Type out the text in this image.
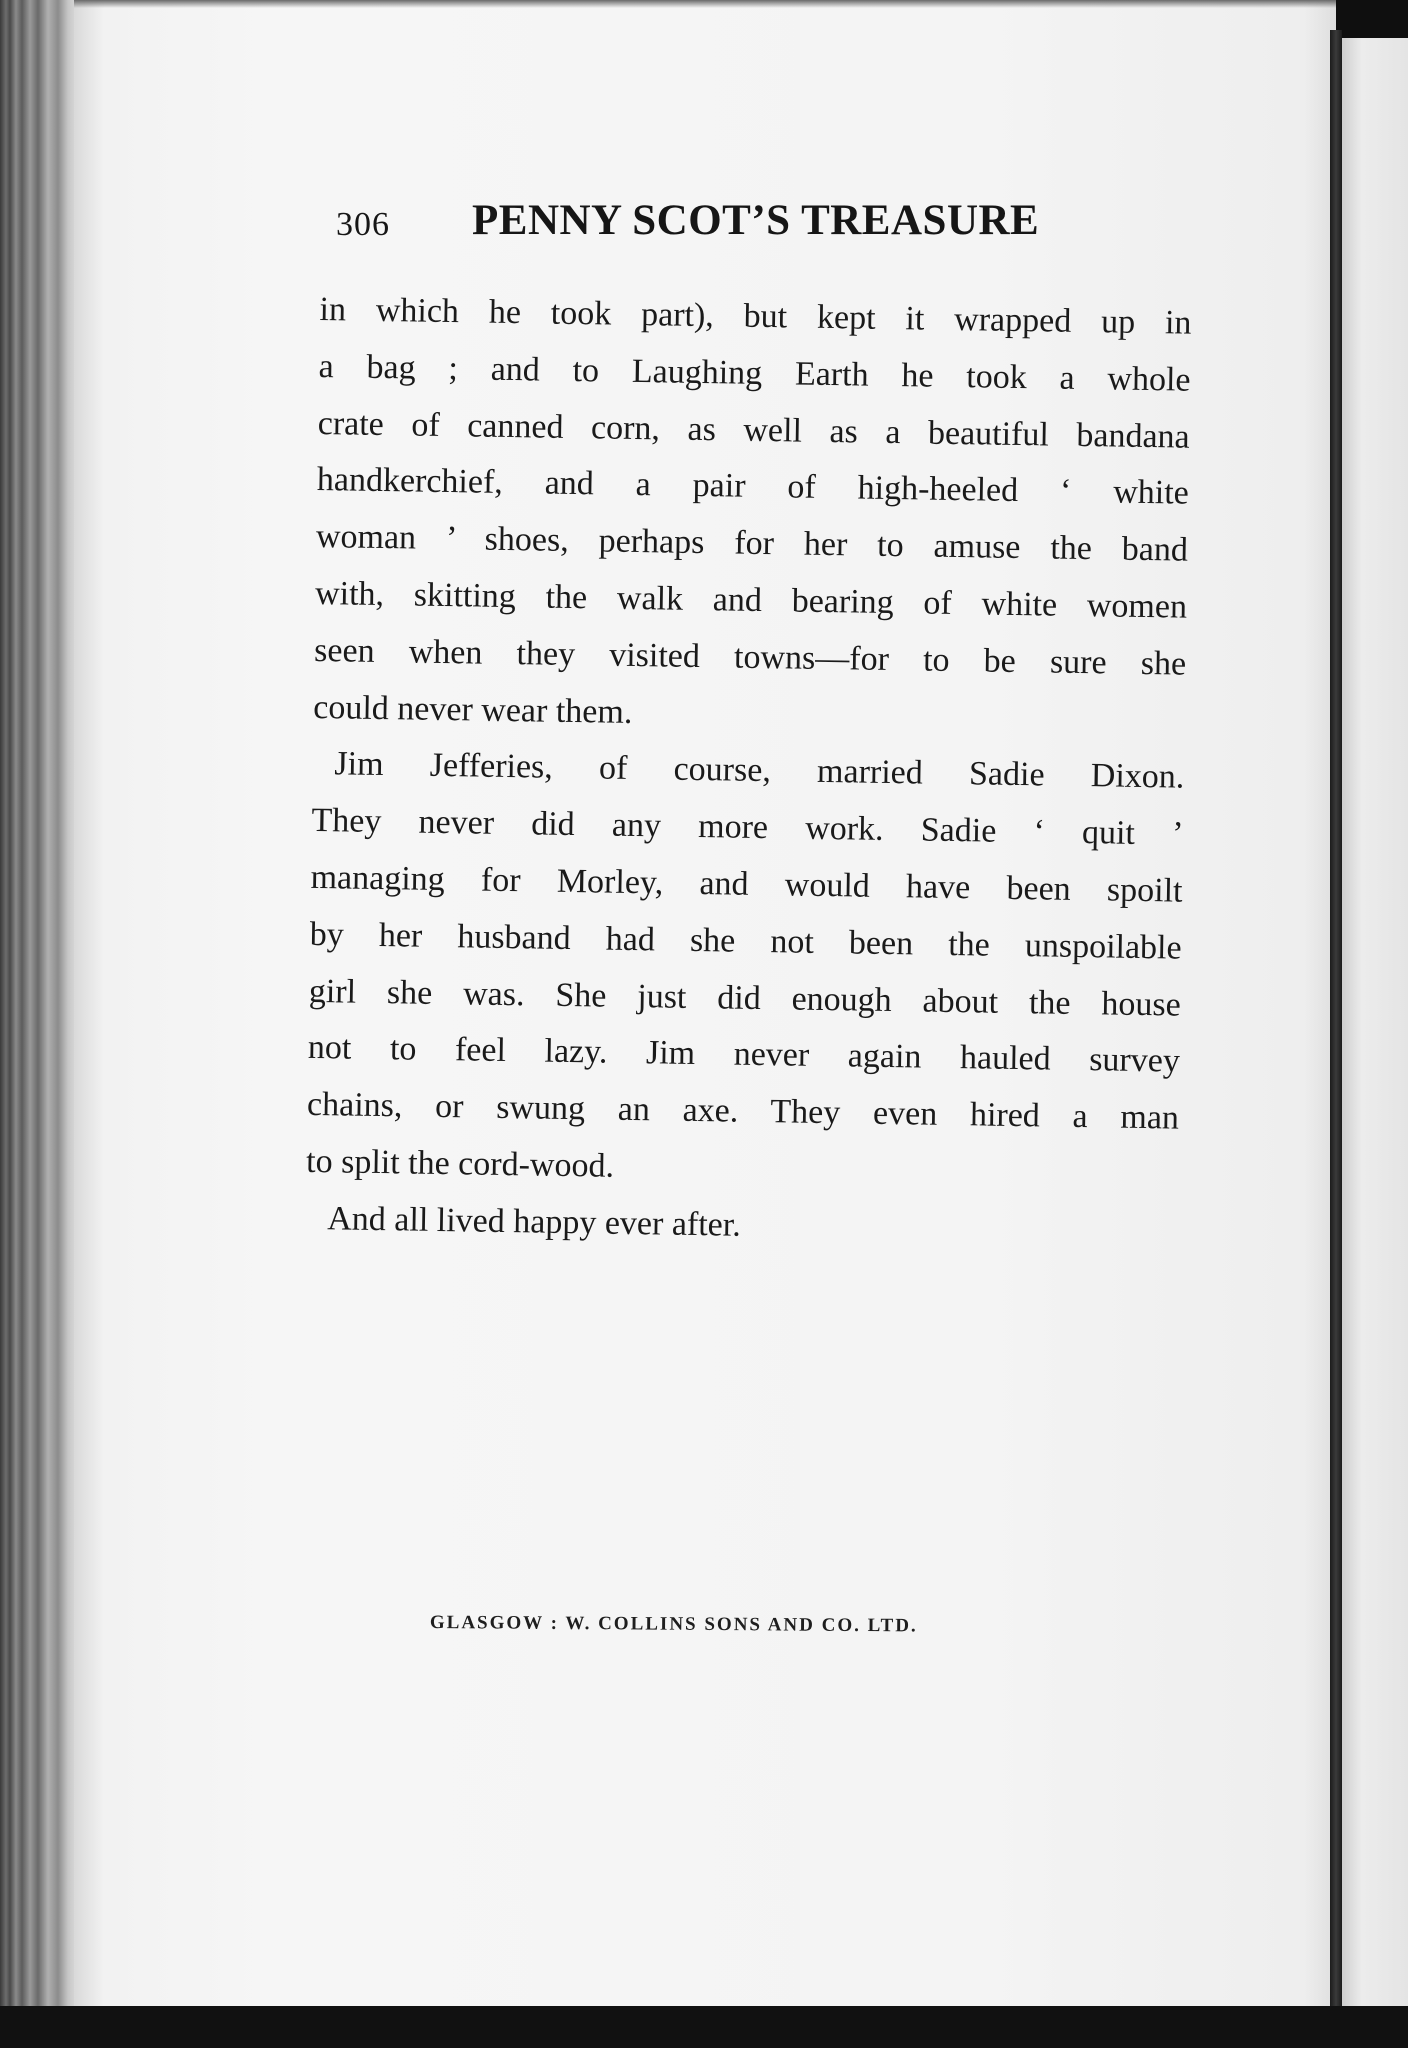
306 PENNY SCOT’S TREASURE
in which he took part), but kept it wrapped up in
a bag ; and to Laughing Earth he took a whole
crate of canned corn, as well as a beautiful bandana
handkerchief, and a pair of high-heeled ‘ white
woman ’ shoes, perhaps for her to amuse the band
with, skitting the walk and bearing of white women
seen when they visited towns—for to be sure she
could never wear them.
Jim Jefferies, of course, married Sadie Dixon.
They never did any more work. Sadie ‘ quit ’
managing for Morley, and would have been spoilt
by her husband had she not been the unspoilable
girl she was. She just did enough about the house
not to feel lazy. Jim never again hauled survey
chains, or swung an axe. They even hired a man
to split the cord-wood.
And all lived happy ever after.
GLASGOW : W. COLLINS SONS AND CO. LTD.
